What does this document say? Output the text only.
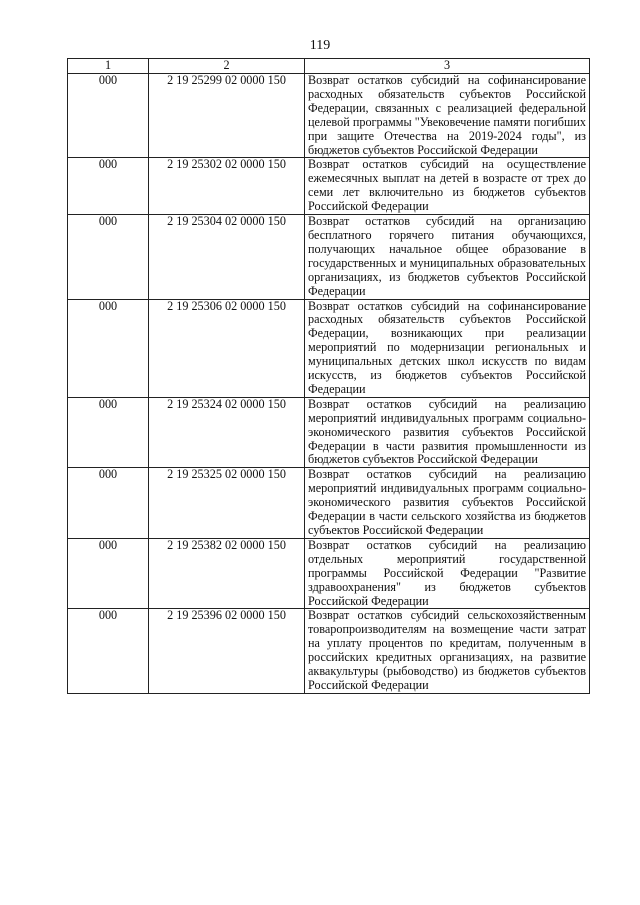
119
1	2	3
000	2 19 25299 02 0000 150	Возврат остатков субсидий на софинансирование расходных обязательств субъектов Российской Федерации, связанных с реализацией федеральной целевой программы "Увековечение памяти погибших при защите Отечества на 2019-2024 годы", из бюджетов субъектов Российской Федерации
000	2 19 25302 02 0000 150	Возврат остатков субсидий на осуществление ежемесячных выплат на детей в возрасте от трех до семи лет включительно из бюджетов субъектов Российской Федерации
000	2 19 25304 02 0000 150	Возврат остатков субсидий на организацию бесплатного горячего питания обучающихся, получающих начальное общее образование в государственных и муниципальных образовательных организациях, из бюджетов субъектов Российской Федерации
000	2 19 25306 02 0000 150	Возврат остатков субсидий на софинансирование расходных обязательств субъектов Российской Федерации, возникающих при реализации мероприятий по модернизации региональных и муниципальных детских школ искусств по видам искусств, из бюджетов субъектов Российской Федерации
000	2 19 25324 02 0000 150	Возврат остатков субсидий на реализацию мероприятий индивидуальных программ социально-экономического развития субъектов Российской Федерации в части развития промышленности из бюджетов субъектов Российской Федерации
000	2 19 25325 02 0000 150	Возврат остатков субсидий на реализацию мероприятий индивидуальных программ социально-экономического развития субъектов Российской Федерации в части сельского хозяйства из бюджетов субъектов Российской Федерации
000	2 19 25382 02 0000 150	Возврат остатков субсидий на реализацию отдельных мероприятий государственной программы Российской Федерации "Развитие здравоохранения" из бюджетов субъектов Российской Федерации
000	2 19 25396 02 0000 150	Возврат остатков субсидий сельскохозяйственным товаропроизводителям на возмещение части затрат на уплату процентов по кредитам, полученным в российских кредитных организациях, на развитие аквакультуры (рыбоводство) из бюджетов субъектов Российской Федерации
